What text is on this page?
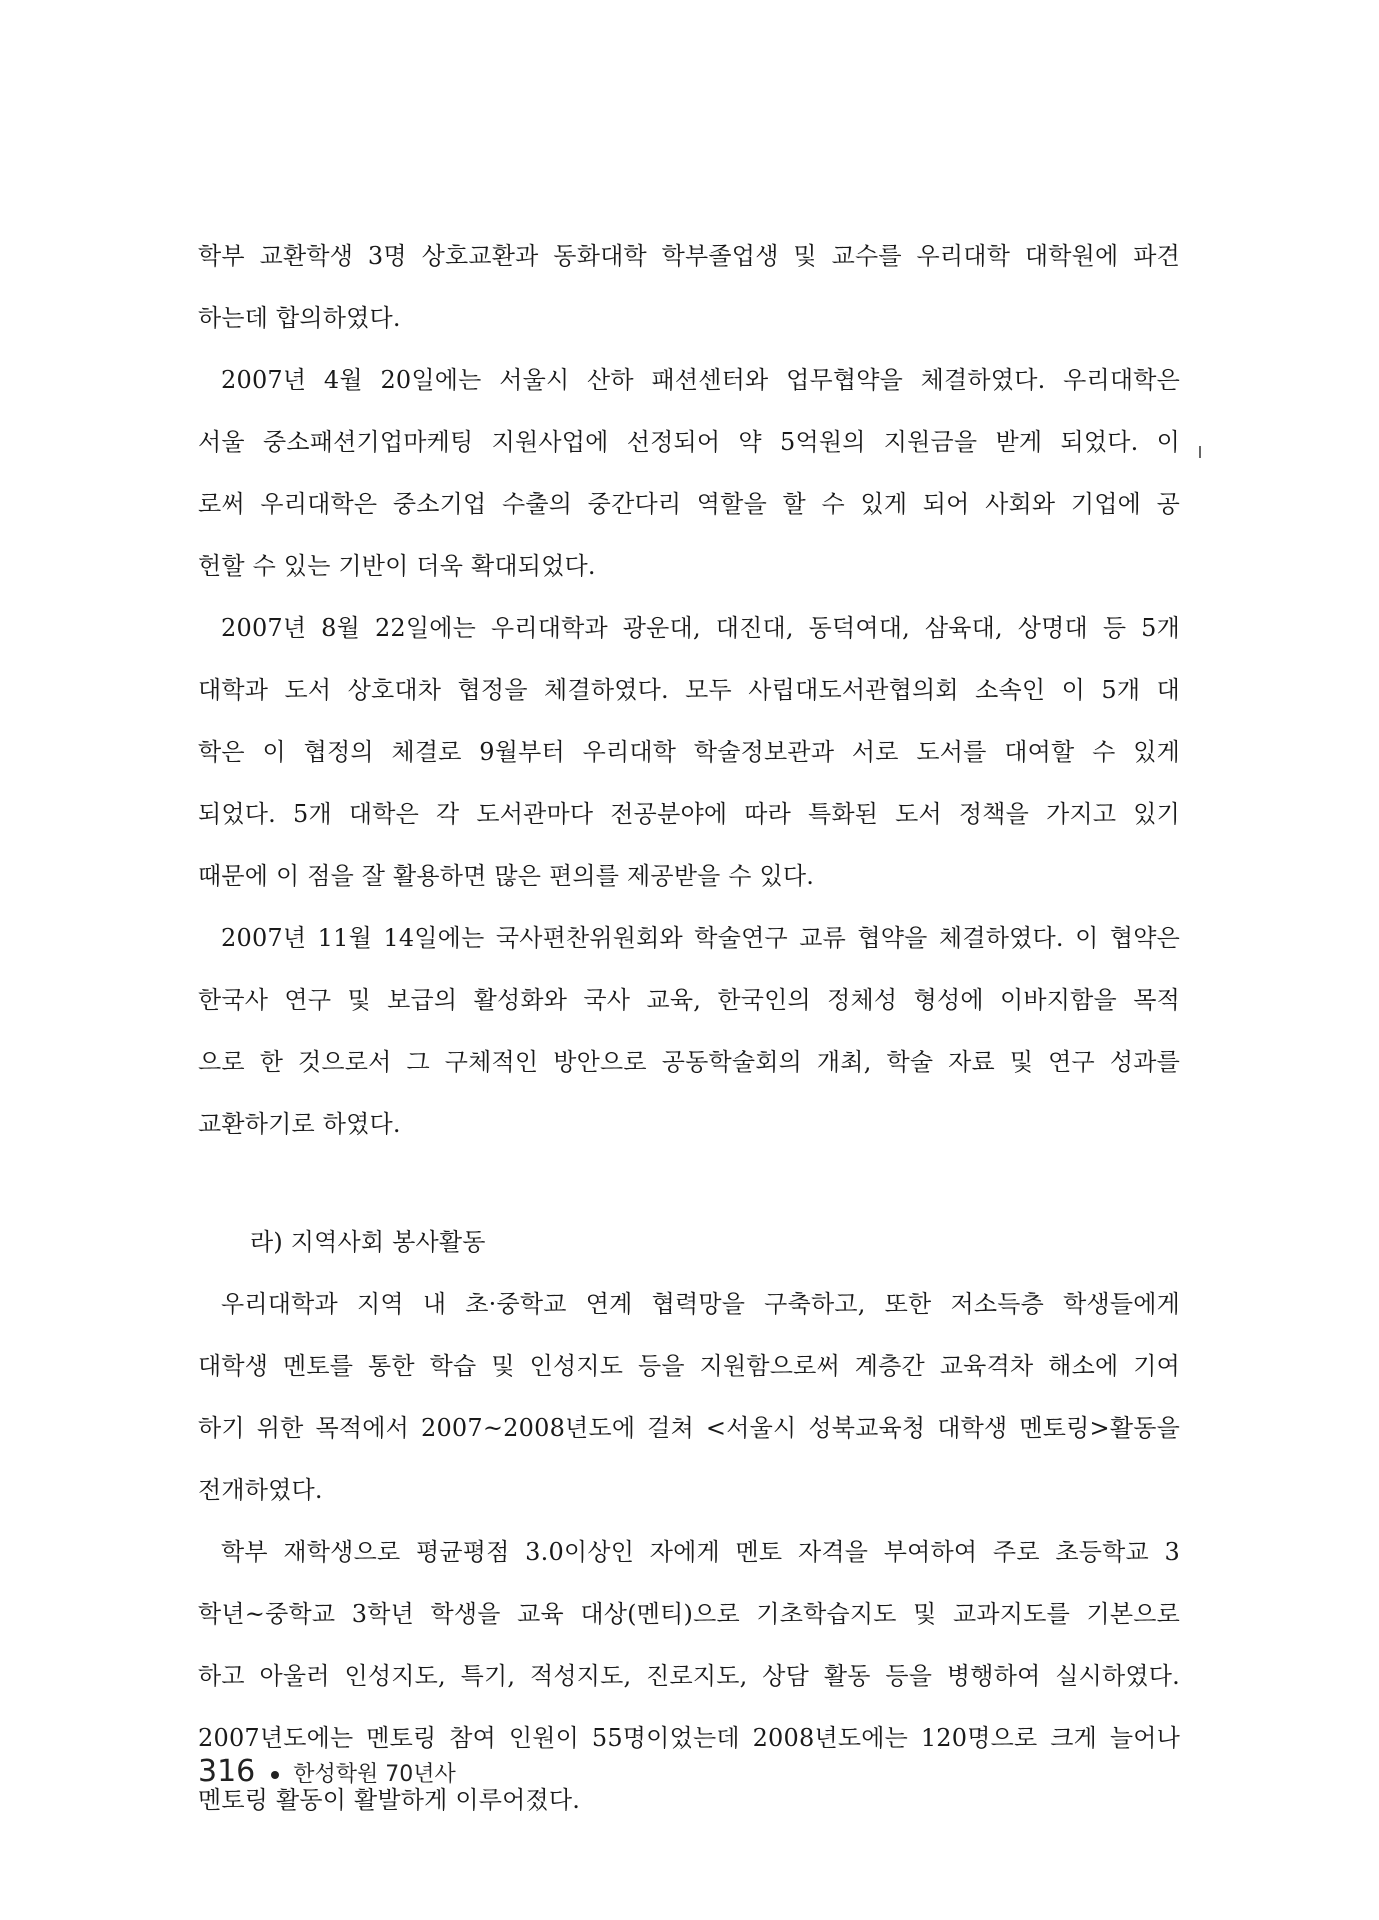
학부 교환학생 3명 상호교환과 동화대학 학부졸업생 및 교수를 우리대학 대학원에 파견
하는데 합의하였다.
2007년 4월 20일에는 서울시 산하 패션센터와 업무협약을 체결하였다. 우리대학은
서울 중소패션기업마케팅 지원사업에 선정되어 약 5억원의 지원금을 받게 되었다. 이
로써 우리대학은 중소기업 수출의 중간다리 역할을 할 수 있게 되어 사회와 기업에 공
헌할 수 있는 기반이 더욱 확대되었다.
2007년 8월 22일에는 우리대학과 광운대, 대진대, 동덕여대, 삼육대, 상명대 등 5개
대학과 도서 상호대차 협정을 체결하였다. 모두 사립대도서관협의회 소속인 이 5개 대
학은 이 협정의 체결로 9월부터 우리대학 학술정보관과 서로 도서를 대여할 수 있게
되었다. 5개 대학은 각 도서관마다 전공분야에 따라 특화된 도서 정책을 가지고 있기
때문에 이 점을 잘 활용하면 많은 편의를 제공받을 수 있다.
2007년 11월 14일에는 국사편찬위원회와 학술연구 교류 협약을 체결하였다. 이 협약은
한국사 연구 및 보급의 활성화와 국사 교육, 한국인의 정체성 형성에 이바지함을 목적
으로 한 것으로서 그 구체적인 방안으로 공동학술회의 개최, 학술 자료 및 연구 성과를
교환하기로 하였다.
라) 지역사회 봉사활동
우리대학과 지역 내 초·중학교 연계 협력망을 구축하고, 또한 저소득층 학생들에게
대학생 멘토를 통한 학습 및 인성지도 등을 지원함으로써 계층간 교육격차 해소에 기여
하기 위한 목적에서 2007~2008년도에 걸쳐 <서울시 성북교육청 대학생 멘토링>활동을
전개하였다.
학부 재학생으로 평균평점 3.0이상인 자에게 멘토 자격을 부여하여 주로 초등학교 3
학년~중학교 3학년 학생을 교육 대상(멘티)으로 기초학습지도 및 교과지도를 기본으로
하고 아울러 인성지도, 특기, 적성지도, 진로지도, 상담 활동 등을 병행하여 실시하였다.
2007년도에는 멘토링 참여 인원이 55명이었는데 2008년도에는 120명으로 크게 늘어나
멘토링 활동이 활발하게 이루어졌다.
316 한성학원 70년사
